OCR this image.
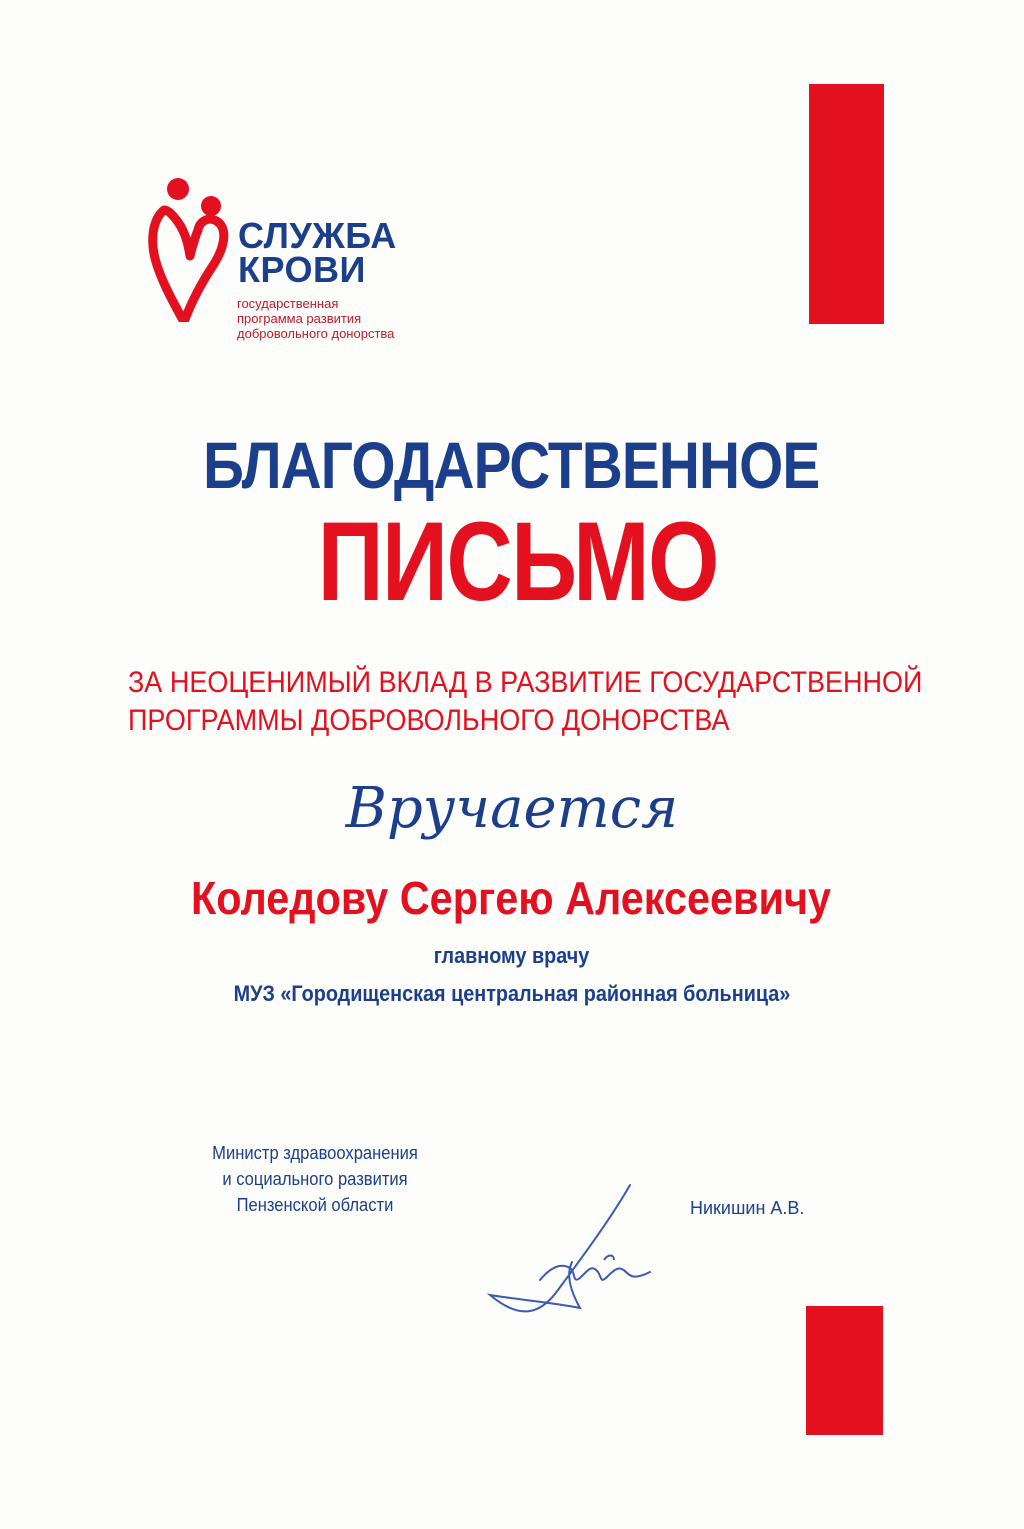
СЛУЖБА
КРОВИ
государственная
программа развития
добровольного донорства
БЛАГОДАРСТВЕННОЕ
ПИСЬМО
ЗА НЕОЦЕНИМЫЙ ВКЛАД В РАЗВИТИЕ ГОСУДАРСТВЕННОЙ
ПРОГРАММЫ ДОБРОВОЛЬНОГО ДОНОРСТВА
Вручается
Коледову Сергею Алексеевичу
главному врачу
МУЗ «Городищенская центральная районная больница»
Министр здравоохранения
и социального развития
Пензенской области	Никишин А.В.
